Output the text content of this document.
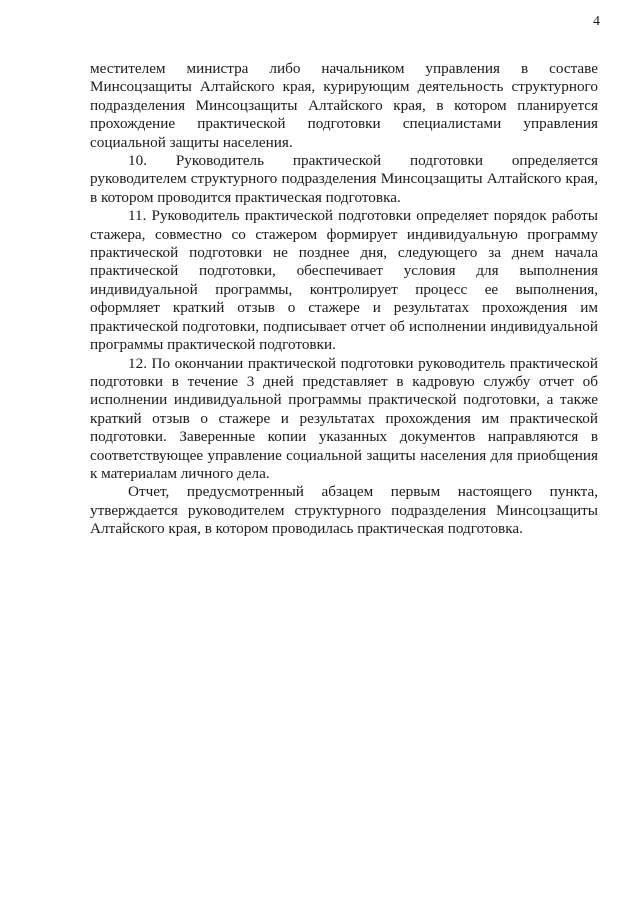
4

местителем министра либо начальником управления в составе Минсоцзащиты Алтайского края, курирующим деятельность структурного подразделения Минсоцзащиты Алтайского края, в котором планируется прохождение практической подготовки специалистами управления социальной защиты населения.

10. Руководитель практической подготовки определяется руководителем структурного подразделения Минсоцзащиты Алтайского края, в котором проводится практическая подготовка.

11. Руководитель практической подготовки определяет порядок работы стажера, совместно со стажером формирует индивидуальную программу практической подготовки не позднее дня, следующего за днем начала практической подготовки, обеспечивает условия для выполнения индивидуальной программы, контролирует процесс ее выполнения, оформляет краткий отзыв о стажере и результатах прохождения им практической подготовки, подписывает отчет об исполнении индивидуальной программы практической подготовки.

12. По окончании практической подготовки руководитель практической подготовки в течение 3 дней представляет в кадровую службу отчет об исполнении индивидуальной программы практической подготовки, а также краткий отзыв о стажере и результатах прохождения им практической подготовки. Заверенные копии указанных документов направляются в соответствующее управление социальной защиты населения для приобщения к материалам личного дела.

Отчет, предусмотренный абзацем первым настоящего пункта, утверждается руководителем структурного подразделения Минсоцзащиты Алтайского края, в котором проводилась практическая подготовка.
